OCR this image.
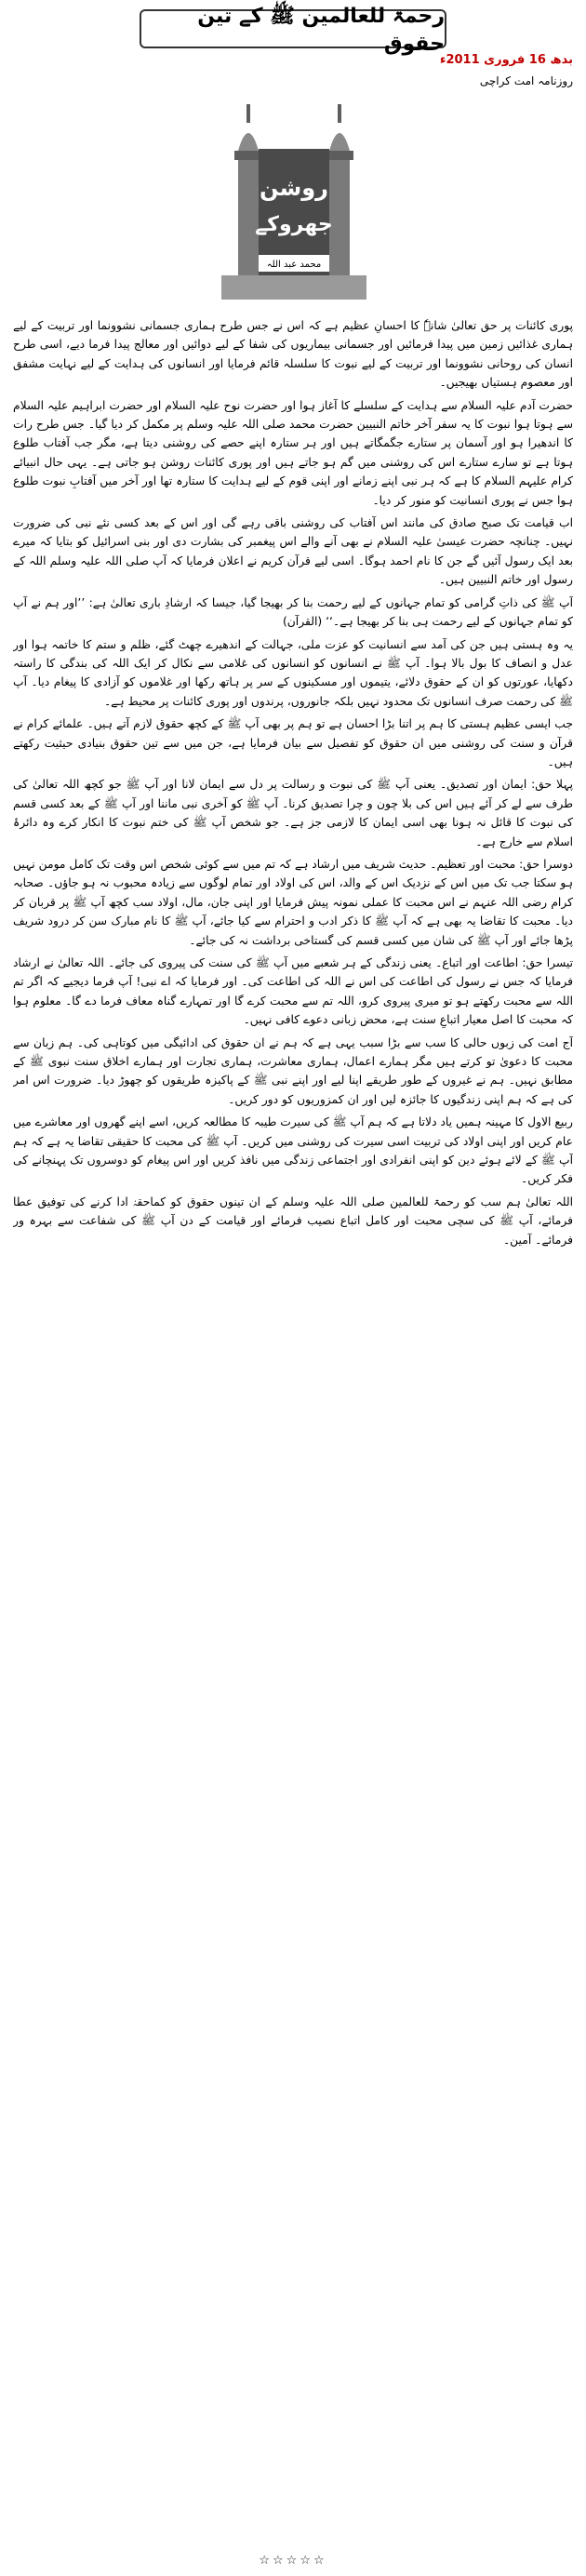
رحمۃ للعالمین ﷺ کے تین حقوق
بدھ 16 فروری 2011ء
روزنامہ امت کراچی
روشن
جھروکے
محمد عبد اللہ

پوری کائنات پر حق تعالیٰ شانہٗ کا احسانِ عظیم ہے کہ اس نے جس طرح ہماری جسمانی نشوونما اور تربیت کے لیے ہماری غذائیں زمین میں پیدا فرمائیں اور جسمانی بیماریوں کی شفا کے لیے دوائیں اور معالج پیدا فرما دیے، اسی طرح انسان کی روحانی نشوونما اور تربیت کے لیے نبوت کا سلسلہ قائم فرمایا اور انسانوں کی ہدایت کے لیے نہایت مشفق اور معصوم ہستیاں بھیجیں۔

حضرت آدم علیہ السلام سے ہدایت کے سلسلے کا آغاز ہوا اور حضرت نوح علیہ السلام اور حضرت ابراہیم علیہ السلام سے ہوتا ہوا نبوت کا یہ سفر آخر خاتم النبیین حضرت محمد صلی اللہ علیہ وسلم پر مکمل کر دیا گیا۔ جس طرح رات کا اندھیرا ہو اور آسمان پر ستارے جگمگاتے ہیں اور ہر ستارہ اپنے حصے کی روشنی دیتا ہے، مگر جب آفتاب طلوع ہوتا ہے تو سارے ستارے اس کی روشنی میں گم ہو جاتے ہیں اور پوری کائنات روشن ہو جاتی ہے۔ یہی حال انبیائے کرام علیہم السلام کا ہے کہ ہر نبی اپنے زمانے اور اپنی قوم کے لیے ہدایت کا ستارہ تھا اور آخر میں آفتابِ نبوت طلوع ہوا جس نے پوری انسانیت کو منور کر دیا۔

اب قیامت تک صبح صادق کی مانند اس آفتاب کی روشنی باقی رہے گی اور اس کے بعد کسی نئے نبی کی ضرورت نہیں۔ چنانچہ حضرت عیسیٰ علیہ السلام نے بھی آنے والے اس پیغمبر کی بشارت دی اور بنی اسرائیل کو بتایا کہ میرے بعد ایک رسول آئیں گے جن کا نام احمد ہوگا۔ اسی لیے قرآن کریم نے اعلان فرمایا کہ آپ صلی اللہ علیہ وسلم اللہ کے رسول اور خاتم النبیین ہیں۔

آپ ﷺ کی ذاتِ گرامی کو تمام جہانوں کے لیے رحمت بنا کر بھیجا گیا، جیسا کہ ارشادِ باری تعالیٰ ہے: ’’اور ہم نے آپ کو تمام جہانوں کے لیے رحمت ہی بنا کر بھیجا ہے۔‘‘ (القرآن)

یہ وہ ہستی ہیں جن کی آمد سے انسانیت کو عزت ملی، جہالت کے اندھیرے چھٹ گئے، ظلم و ستم کا خاتمہ ہوا اور عدل و انصاف کا بول بالا ہوا۔ آپ ﷺ نے انسانوں کو انسانوں کی غلامی سے نکال کر ایک اللہ کی بندگی کا راستہ دکھایا، عورتوں کو ان کے حقوق دلائے، یتیموں اور مسکینوں کے سر پر ہاتھ رکھا اور غلاموں کو آزادی کا پیغام دیا۔ آپ ﷺ کی رحمت صرف انسانوں تک محدود نہیں بلکہ جانوروں، پرندوں اور پوری کائنات پر محیط ہے۔

جب ایسی عظیم ہستی کا ہم پر اتنا بڑا احسان ہے تو ہم پر بھی آپ ﷺ کے کچھ حقوق لازم آتے ہیں۔ علمائے کرام نے قرآن و سنت کی روشنی میں ان حقوق کو تفصیل سے بیان فرمایا ہے، جن میں سے تین حقوق بنیادی حیثیت رکھتے ہیں۔

پہلا حق: ایمان اور تصدیق۔ یعنی آپ ﷺ کی نبوت و رسالت پر دل سے ایمان لانا اور آپ ﷺ جو کچھ اللہ تعالیٰ کی طرف سے لے کر آئے ہیں اس کی بلا چون و چرا تصدیق کرنا۔ آپ ﷺ کو آخری نبی ماننا اور آپ ﷺ کے بعد کسی قسم کی نبوت کا قائل نہ ہونا بھی اسی ایمان کا لازمی جز ہے۔ جو شخص آپ ﷺ کی ختم نبوت کا انکار کرے وہ دائرۂ اسلام سے خارج ہے۔

دوسرا حق: محبت اور تعظیم۔ حدیث شریف میں ارشاد ہے کہ تم میں سے کوئی شخص اس وقت تک کامل مومن نہیں ہو سکتا جب تک میں اس کے نزدیک اس کے والد، اس کی اولاد اور تمام لوگوں سے زیادہ محبوب نہ ہو جاؤں۔ صحابہ کرام رضی اللہ عنہم نے اس محبت کا عملی نمونہ پیش فرمایا اور اپنی جان، مال، اولاد سب کچھ آپ ﷺ پر قربان کر دیا۔ محبت کا تقاضا یہ بھی ہے کہ آپ ﷺ کا ذکر ادب و احترام سے کیا جائے، آپ ﷺ کا نام مبارک سن کر درود شریف پڑھا جائے اور آپ ﷺ کی شان میں کسی قسم کی گستاخی برداشت نہ کی جائے۔

تیسرا حق: اطاعت اور اتباع۔ یعنی زندگی کے ہر شعبے میں آپ ﷺ کی سنت کی پیروی کی جائے۔ اللہ تعالیٰ نے ارشاد فرمایا کہ جس نے رسول کی اطاعت کی اس نے اللہ کی اطاعت کی۔ اور فرمایا کہ اے نبی! آپ فرما دیجیے کہ اگر تم اللہ سے محبت رکھتے ہو تو میری پیروی کرو، اللہ تم سے محبت کرے گا اور تمہارے گناہ معاف فرما دے گا۔ معلوم ہوا کہ محبت کا اصل معیار اتباعِ سنت ہے، محض زبانی دعوے کافی نہیں۔

آج امت کی زبوں حالی کا سب سے بڑا سبب یہی ہے کہ ہم نے ان حقوق کی ادائیگی میں کوتاہی کی۔ ہم زبان سے محبت کا دعویٰ تو کرتے ہیں مگر ہمارے اعمال، ہماری معاشرت، ہماری تجارت اور ہمارے اخلاق سنت نبوی ﷺ کے مطابق نہیں۔ ہم نے غیروں کے طور طریقے اپنا لیے اور اپنے نبی ﷺ کے پاکیزہ طریقوں کو چھوڑ دیا۔ ضرورت اس امر کی ہے کہ ہم اپنی زندگیوں کا جائزہ لیں اور ان کمزوریوں کو دور کریں۔

ربیع الاول کا مہینہ ہمیں یاد دلاتا ہے کہ ہم آپ ﷺ کی سیرت طیبہ کا مطالعہ کریں، اسے اپنے گھروں اور معاشرے میں عام کریں اور اپنی اولاد کی تربیت اسی سیرت کی روشنی میں کریں۔ آپ ﷺ کی محبت کا حقیقی تقاضا یہ ہے کہ ہم آپ ﷺ کے لائے ہوئے دین کو اپنی انفرادی اور اجتماعی زندگی میں نافذ کریں اور اس پیغام کو دوسروں تک پہنچانے کی فکر کریں۔

اللہ تعالیٰ ہم سب کو رحمۃ للعالمین صلی اللہ علیہ وسلم کے ان تینوں حقوق کو کماحقہٗ ادا کرنے کی توفیق عطا فرمائے، آپ ﷺ کی سچی محبت اور کامل اتباع نصیب فرمائے اور قیامت کے دن آپ ﷺ کی شفاعت سے بہرہ ور فرمائے۔ آمین۔

☆☆☆☆☆
